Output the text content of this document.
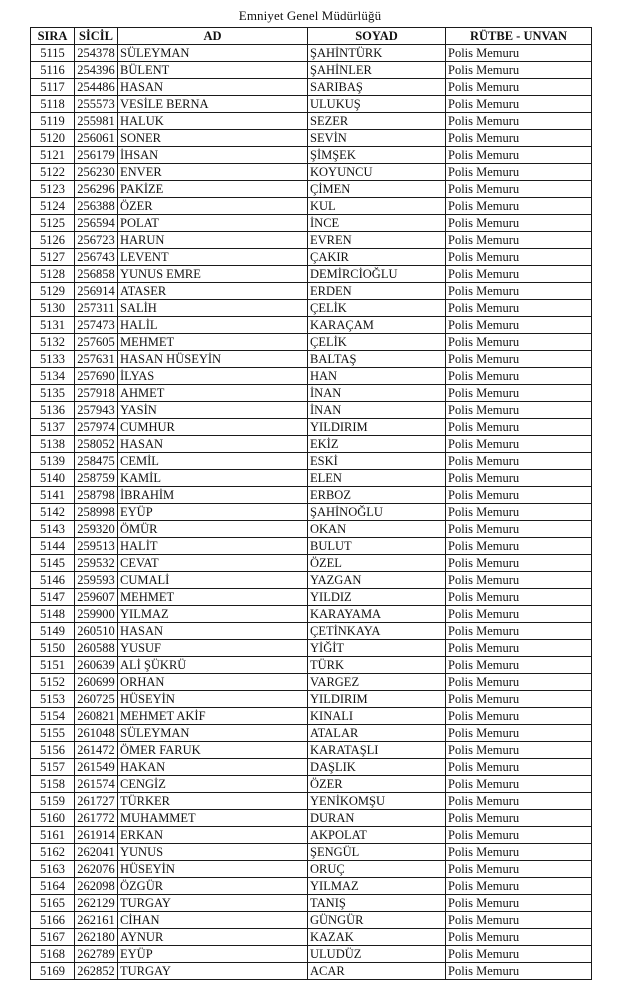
Emniyet Genel Müdürlüğü
SIRA	SİCİL	AD	SOYAD	RÜTBE - UNVAN
5115	254378	SÜLEYMAN	ŞAHİNTÜRK	Polis Memuru
5116	254396	BÜLENT	ŞAHİNLER	Polis Memuru
5117	254486	HASAN	SARIBAŞ	Polis Memuru
5118	255573	VESİLE BERNA	ULUKUŞ	Polis Memuru
5119	255981	HALUK	SEZER	Polis Memuru
5120	256061	SONER	SEVİN	Polis Memuru
5121	256179	İHSAN	ŞİMŞEK	Polis Memuru
5122	256230	ENVER	KOYUNCU	Polis Memuru
5123	256296	PAKİZE	ÇİMEN	Polis Memuru
5124	256388	ÖZER	KUL	Polis Memuru
5125	256594	POLAT	İNCE	Polis Memuru
5126	256723	HARUN	EVREN	Polis Memuru
5127	256743	LEVENT	ÇAKIR	Polis Memuru
5128	256858	YUNUS EMRE	DEMİRCİOĞLU	Polis Memuru
5129	256914	ATASER	ERDEN	Polis Memuru
5130	257311	SALİH	ÇELİK	Polis Memuru
5131	257473	HALİL	KARAÇAM	Polis Memuru
5132	257605	MEHMET	ÇELİK	Polis Memuru
5133	257631	HASAN HÜSEYİN	BALTAŞ	Polis Memuru
5134	257690	İLYAS	HAN	Polis Memuru
5135	257918	AHMET	İNAN	Polis Memuru
5136	257943	YASİN	İNAN	Polis Memuru
5137	257974	CUMHUR	YILDIRIM	Polis Memuru
5138	258052	HASAN	EKİZ	Polis Memuru
5139	258475	CEMİL	ESKİ	Polis Memuru
5140	258759	KAMİL	ELEN	Polis Memuru
5141	258798	İBRAHİM	ERBOZ	Polis Memuru
5142	258998	EYÜP	ŞAHİNOĞLU	Polis Memuru
5143	259320	ÖMÜR	OKAN	Polis Memuru
5144	259513	HALİT	BULUT	Polis Memuru
5145	259532	CEVAT	ÖZEL	Polis Memuru
5146	259593	CUMALİ	YAZGAN	Polis Memuru
5147	259607	MEHMET	YILDIZ	Polis Memuru
5148	259900	YILMAZ	KARAYAMA	Polis Memuru
5149	260510	HASAN	ÇETİNKAYA	Polis Memuru
5150	260588	YUSUF	YİĞİT	Polis Memuru
5151	260639	ALİ ŞÜKRÜ	TÜRK	Polis Memuru
5152	260699	ORHAN	VARGEZ	Polis Memuru
5153	260725	HÜSEYİN	YILDIRIM	Polis Memuru
5154	260821	MEHMET AKİF	KINALI	Polis Memuru
5155	261048	SÜLEYMAN	ATALAR	Polis Memuru
5156	261472	ÖMER FARUK	KARATAŞLI	Polis Memuru
5157	261549	HAKAN	DAŞLIK	Polis Memuru
5158	261574	CENGİZ	ÖZER	Polis Memuru
5159	261727	TÜRKER	YENİKOMŞU	Polis Memuru
5160	261772	MUHAMMET	DURAN	Polis Memuru
5161	261914	ERKAN	AKPOLAT	Polis Memuru
5162	262041	YUNUS	ŞENGÜL	Polis Memuru
5163	262076	HÜSEYİN	ORUÇ	Polis Memuru
5164	262098	ÖZGÜR	YILMAZ	Polis Memuru
5165	262129	TURGAY	TANIŞ	Polis Memuru
5166	262161	CİHAN	GÜNGÜR	Polis Memuru
5167	262180	AYNUR	KAZAK	Polis Memuru
5168	262789	EYÜP	ULUDÜZ	Polis Memuru
5169	262852	TURGAY	ACAR	Polis Memuru
